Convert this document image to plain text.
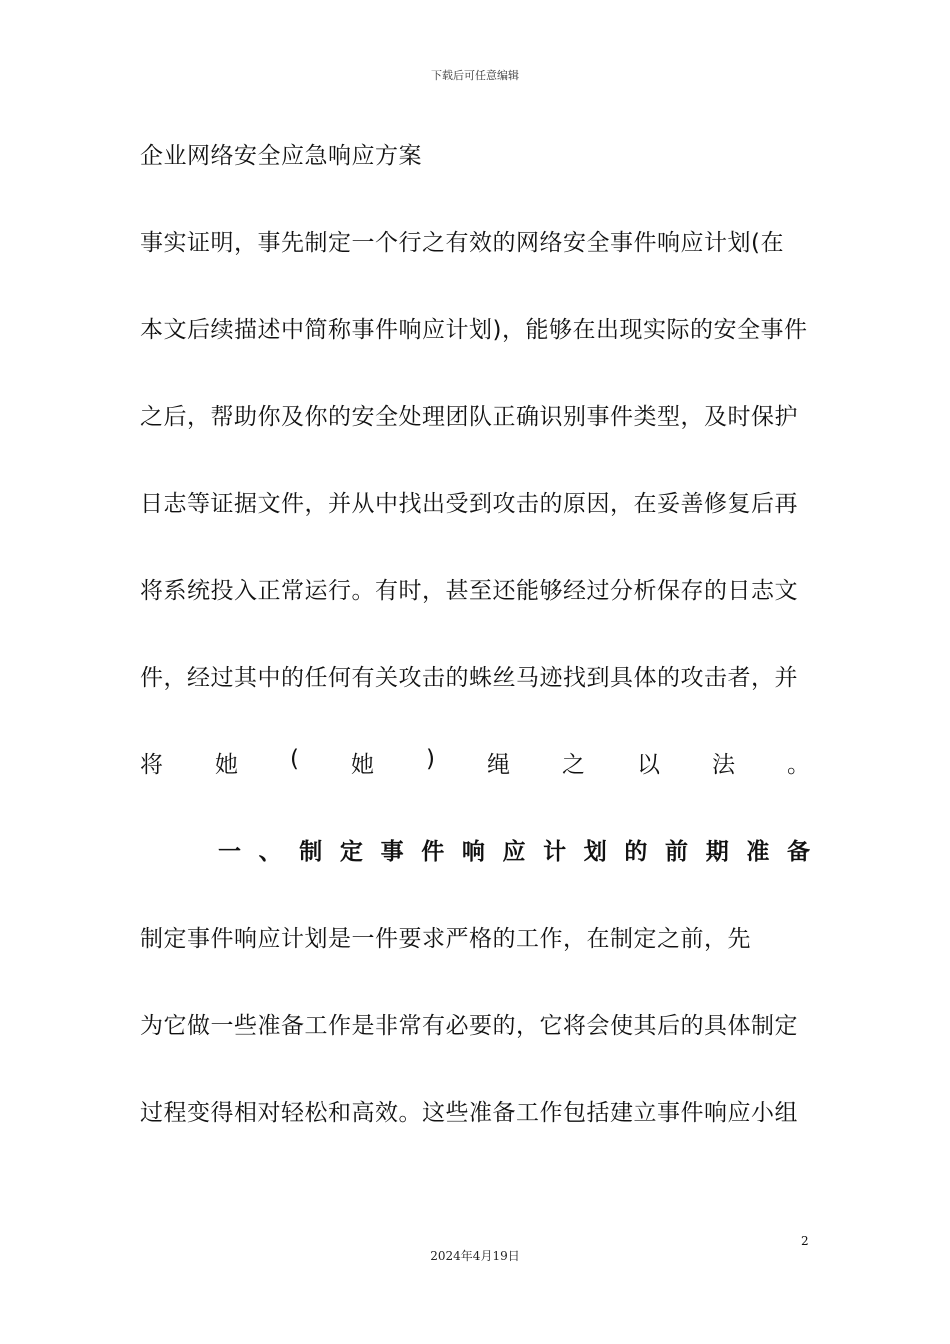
下载后可任意编辑
企业网络安全应急响应方案
事实证明，事先制定一个行之有效的网络安全事件响应计划(在
本文后续描述中简称事件响应计划)，能够在出现实际的安全事件
之后，帮助你及你的安全处理团队正确识别事件类型，及时保护
日志等证据文件，并从中找出受到攻击的原因，在妥善修复后再
将系统投入正常运行。有时，甚至还能够经过分析保存的日志文
件，经过其中的任何有关攻击的蛛丝马迹找到具体的攻击者，并
将 她 ( 她 ) 绳 之 以 法 。
一 、 制 定 事 件 响 应 计 划 的 前 期 准 备
制定事件响应计划是一件要求严格的工作，在制定之前，先
为它做一些准备工作是非常有必要的，它将会使其后的具体制定
过程变得相对轻松和高效。这些准备工作包括建立事件响应小组
2
2024年4月19日
